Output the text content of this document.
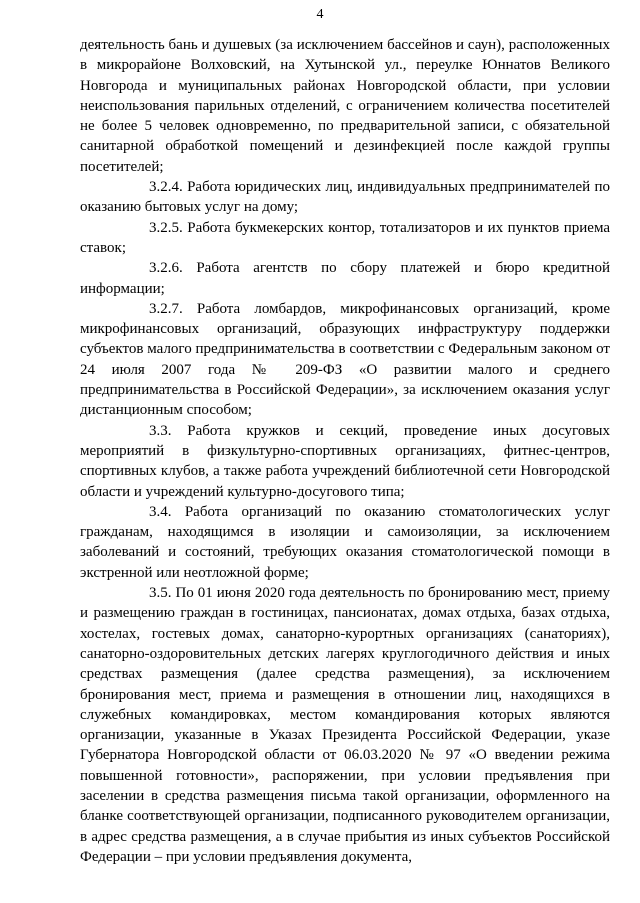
4

деятельность бань и душевых (за исключением бассейнов и саун), расположенных в микрорайоне Волховский, на Хутынской ул., переулке Юннатов Великого Новгорода и муниципальных районах Новгородской области, при условии неиспользования парильных отделений, с ограничением количества посетителей не более 5 человек одновременно, по предварительной записи, с обязательной санитарной обработкой помещений и дезинфекцией после каждой группы посетителей;

3.2.4. Работа юридических лиц, индивидуальных предпринимателей по оказанию бытовых услуг на дому;

3.2.5. Работа букмекерских контор, тотализаторов и их пунктов приема ставок;

3.2.6. Работа агентств по сбору платежей и бюро кредитной информации;

3.2.7. Работа ломбардов, микрофинансовых организаций, кроме микрофинансовых организаций, образующих инфраструктуру поддержки субъектов малого предпринимательства в соответствии с Федеральным законом от 24 июля 2007 года № 209-ФЗ «О развитии малого и среднего предпринимательства в Российской Федерации», за исключением оказания услуг дистанционным способом;

3.3. Работа кружков и секций, проведение иных досуговых мероприятий в физкультурно-спортивных организациях, фитнес-центров, спортивных клубов, а также работа учреждений библиотечной сети Новгородской области и учреждений культурно-досугового типа;

3.4. Работа организаций по оказанию стоматологических услуг гражданам, находящимся в изоляции и самоизоляции, за исключением заболеваний и состояний, требующих оказания стоматологической помощи в экстренной или неотложной форме;

3.5. По 01 июня 2020 года деятельность по бронированию мест, приему и размещению граждан в гостиницах, пансионатах, домах отдыха, базах отдыха, хостелах, гостевых домах, санаторно-курортных организациях (санаториях), санаторно-оздоровительных детских лагерях круглогодичного действия и иных средствах размещения (далее средства размещения), за исключением бронирования мест, приема и размещения в отношении лиц, находящихся в служебных командировках, местом командирования которых являются организации, указанные в Указах Президента Российской Федерации, указе Губернатора Новгородской области от 06.03.2020 № 97 «О введении режима повышенной готовности», распоряжении, при условии предъявления при заселении в средства размещения письма такой организации, оформленного на бланке соответствующей организации, подписанного руководителем организации, в адрес средства размещения, а в случае прибытия из иных субъектов Российской Федерации – при условии предъявления документа,
